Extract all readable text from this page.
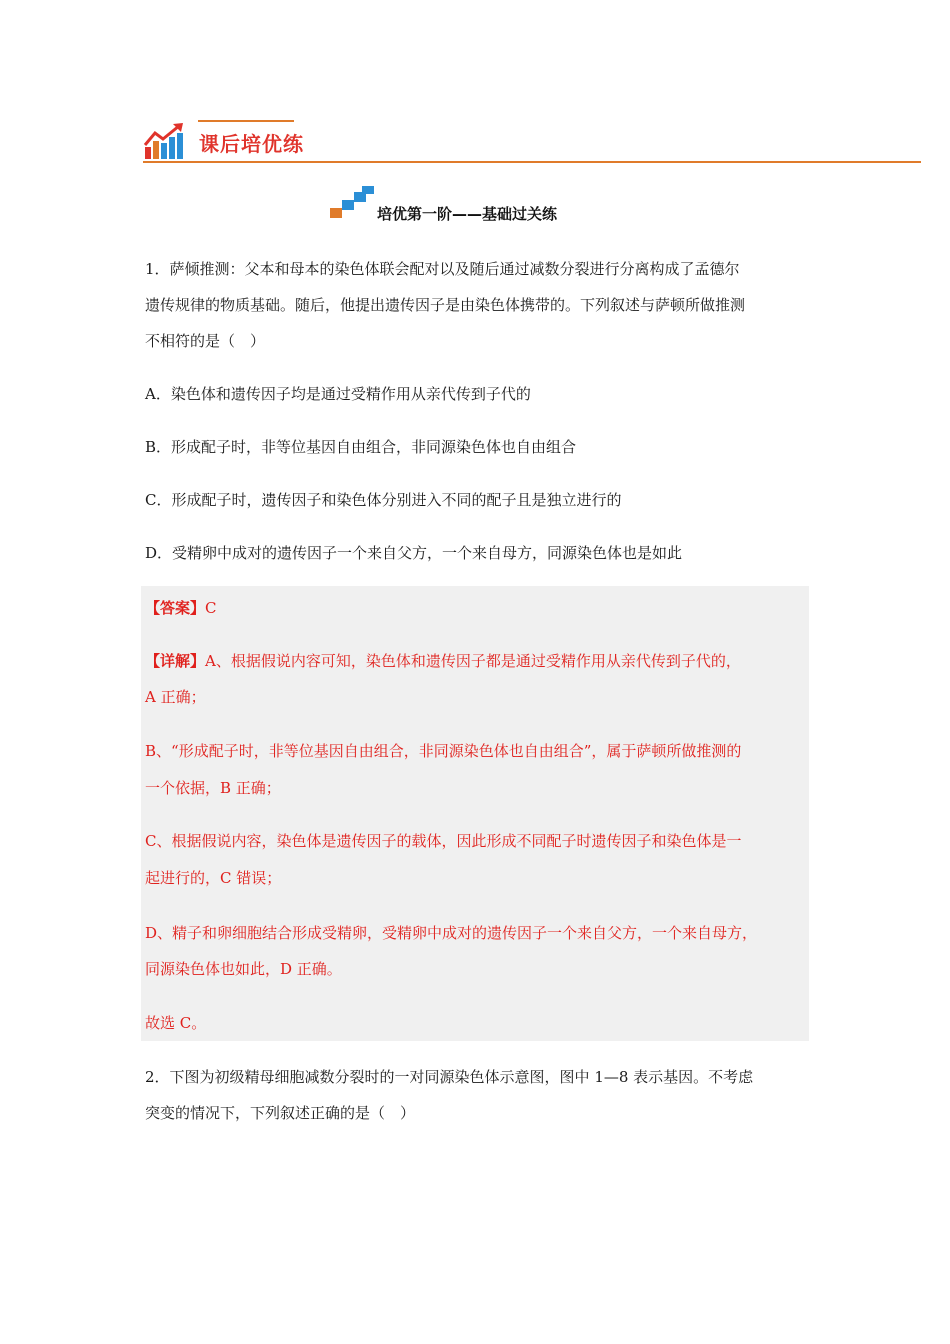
课后培优练
培优第一阶——基础过关练
1．萨倾推测：父本和母本的染色体联会配对以及随后通过减数分裂进行分离构成了孟德尔
遗传规律的物质基础。随后，他提出遗传因子是由染色体携带的。下列叙述与萨顿所做推测
不相符的是（　）
A．染色体和遗传因子均是通过受精作用从亲代传到子代的
B．形成配子时，非等位基因自由组合，非同源染色体也自由组合
C．形成配子时，遗传因子和染色体分别进入不同的配子且是独立进行的
D．受精卵中成对的遗传因子一个来自父方，一个来自母方，同源染色体也是如此
【答案】C
【详解】A、根据假说内容可知，染色体和遗传因子都是通过受精作用从亲代传到子代的，
A 正确；
B、“形成配子时，非等位基因自由组合，非同源染色体也自由组合”，属于萨顿所做推测的
一个依据，B 正确；
C、根据假说内容，染色体是遗传因子的载体，因此形成不同配子时遗传因子和染色体是一
起进行的，C 错误；
D、精子和卵细胞结合形成受精卵，受精卵中成对的遗传因子一个来自父方，一个来自母方，
同源染色体也如此，D 正确。
故选 C。
2．下图为初级精母细胞减数分裂时的一对同源染色体示意图，图中 1—8 表示基因。不考虑
突变的情况下，下列叙述正确的是（　）
